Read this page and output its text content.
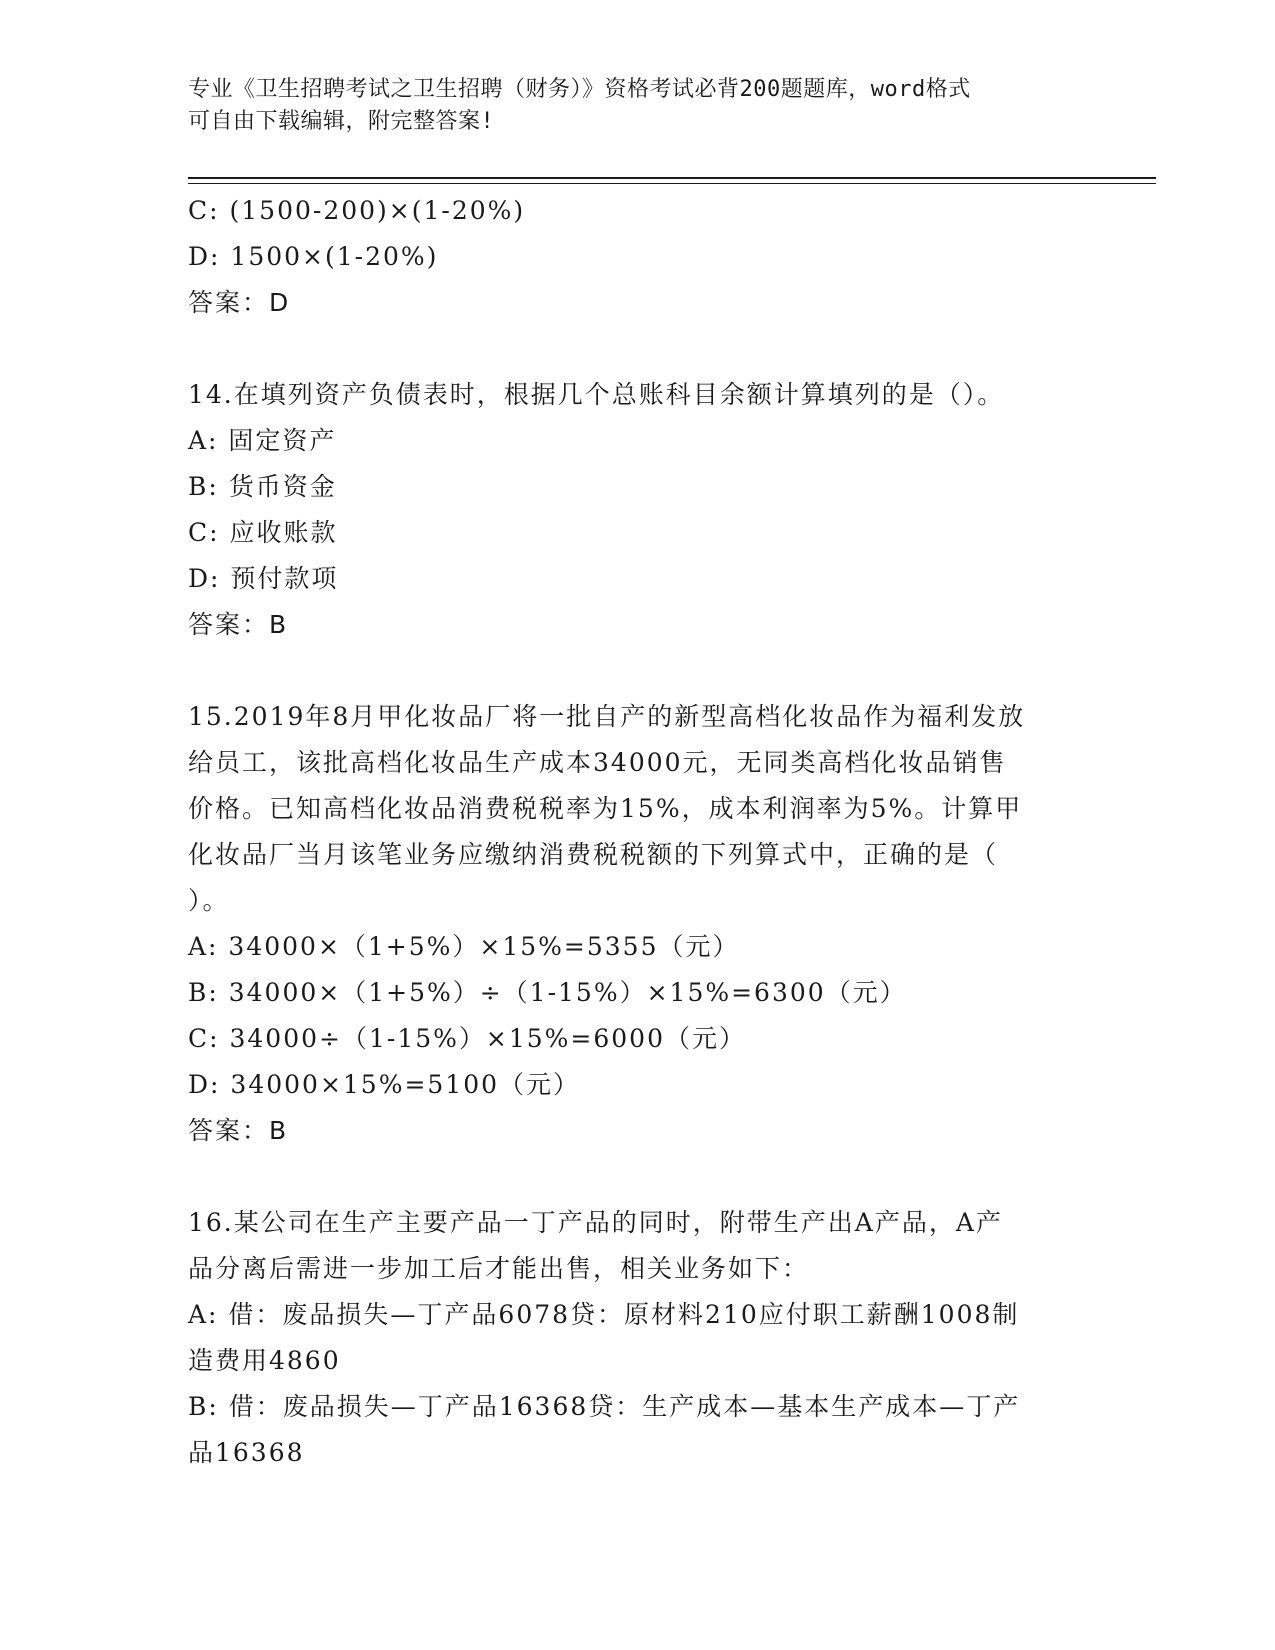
专业《卫生招聘考试之卫生招聘（财务）》资格考试必背200题题库，word格式
可自由下载编辑，附完整答案!
C: (1500-200)×(1-20%)
D: 1500×(1-20%)
答案：D
14.在填列资产负债表时，根据几个总账科目余额计算填列的是（）。
A: 固定资产
B: 货币资金
C: 应收账款
D: 预付款项
答案：B
15.2019年8月甲化妆品厂将一批自产的新型高档化妆品作为福利发放
给员工，该批高档化妆品生产成本34000元，无同类高档化妆品销售
价格。已知高档化妆品消费税税率为15%，成本利润率为5%。计算甲
化妆品厂当月该笔业务应缴纳消费税税额的下列算式中，正确的是（
）。
A: 34000×（1+5%）×15%=5355（元）
B: 34000×（1+5%）÷（1-15%）×15%=6300（元）
C: 34000÷（1-15%）×15%=6000（元）
D: 34000×15%=5100（元）
答案：B
16.某公司在生产主要产品一丁产品的同时，附带生产出A产品，A产
品分离后需进一步加工后才能出售，相关业务如下：
A: 借：废品损失—丁产品6078贷：原材料210应付职工薪酬1008制
造费用4860
B: 借：废品损失—丁产品16368贷：生产成本—基本生产成本—丁产
品16368
